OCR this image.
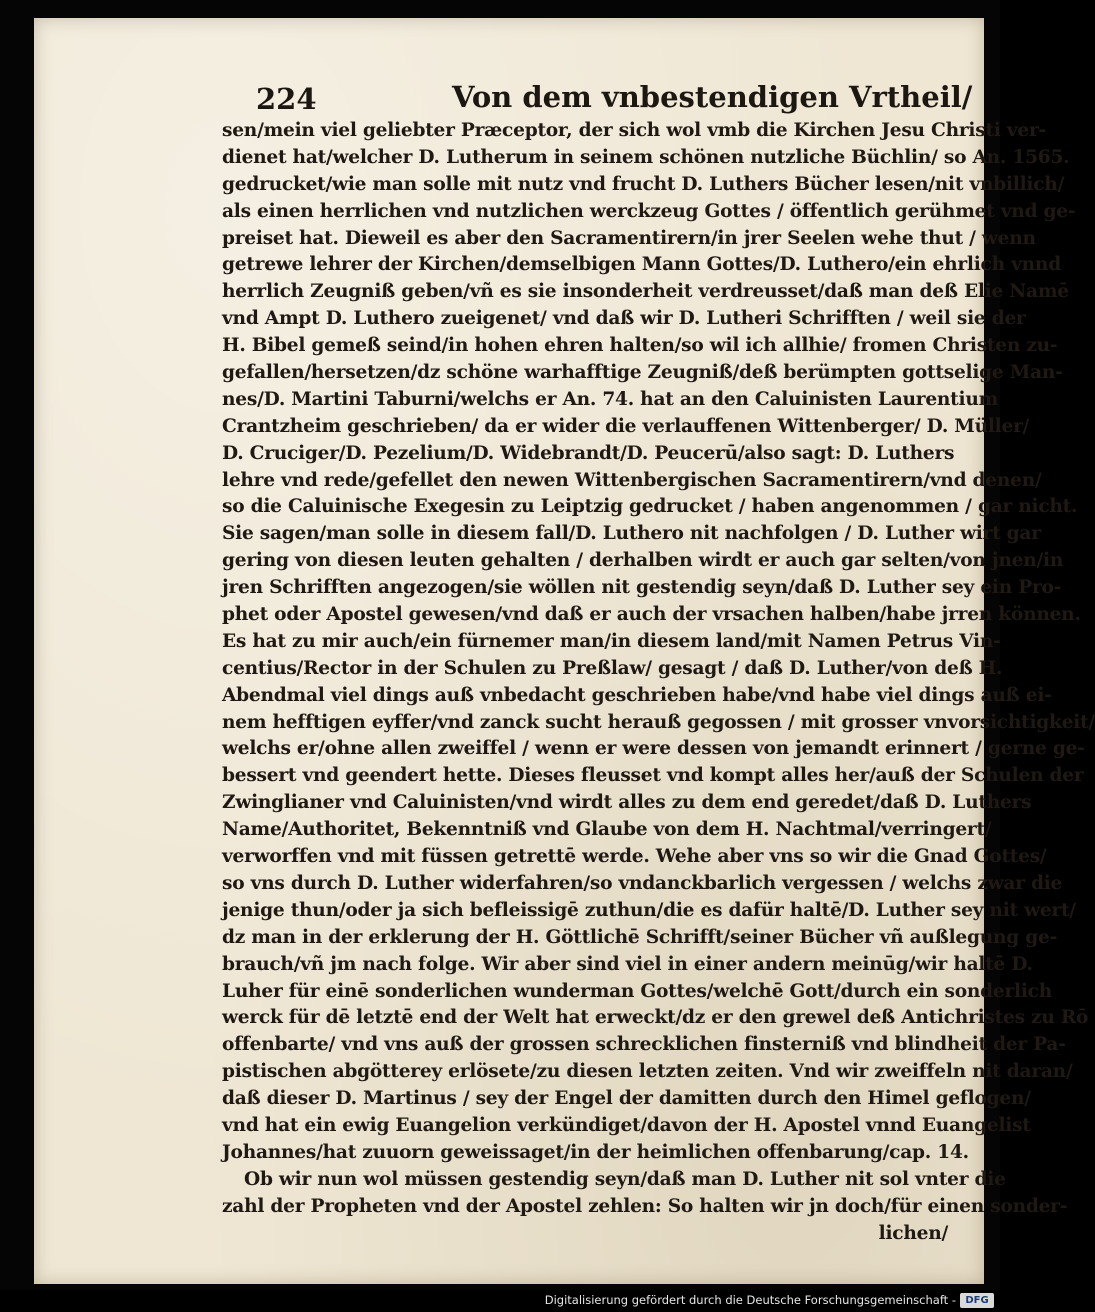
224	Von dem vnbestendigen Vrtheil/
sen/mein viel geliebter Præceptor, der sich wol vmb die Kirchen Jesu Christi ver-
dienet hat/welcher D. Lutherum in seinem schönen nutzliche Büchlin/ so An. 1565.
gedrucket/wie man solle mit nutz vnd frucht D. Luthers Bücher lesen/nit vnbillich/
als einen herrlichen vnd nutzlichen werckzeug Gottes / öffentlich gerühmet vnd ge-
preiset hat. Dieweil es aber den Sacramentirern/in jrer Seelen wehe thut / wenn
getrewe lehrer der Kirchen/demselbigen Mann Gottes/D. Luthero/ein ehrlich vnnd
herrlich Zeugniß geben/vñ es sie insonderheit verdreusset/daß man deß Elie Namē
vnd Ampt D. Luthero zueigenet/ vnd daß wir D. Lutheri Schrifften / weil sie der
H. Bibel gemeß seind/in hohen ehren halten/so wil ich allhie/ fromen Christen zu-
gefallen/hersetzen/dz schöne warhafftige Zeugniß/deß berümpten gottselige Man-
nes/D. Martini Taburni/welchs er An. 74. hat an den Caluinisten Laurentium
Crantzheim geschrieben/ da er wider die verlauffenen Wittenberger/ D. Müller/
D. Cruciger/D. Pezelium/D. Widebrandt/D. Peucerū/also sagt: D. Luthers
lehre vnd rede/gefellet den newen Wittenbergischen Sacramentirern/vnd denen/
so die Caluinische Exegesin zu Leiptzig gedrucket / haben angenommen / gar nicht.
Sie sagen/man solle in diesem fall/D. Luthero nit nachfolgen / D. Luther wirt gar
gering von diesen leuten gehalten / derhalben wirdt er auch gar selten/von jnen/in
jren Schrifften angezogen/sie wöllen nit gestendig seyn/daß D. Luther sey ein Pro-
phet oder Apostel gewesen/vnd daß er auch der vrsachen halben/habe jrren können.
Es hat zu mir auch/ein fürnemer man/in diesem land/mit Namen Petrus Vin-
centius/Rector in der Schulen zu Preßlaw/ gesagt / daß D. Luther/von deß H.
Abendmal viel dings auß vnbedacht geschrieben habe/vnd habe viel dings auß ei-
nem hefftigen eyffer/vnd zanck sucht herauß gegossen / mit grosser vnvorsichtigkeit/
welchs er/ohne allen zweiffel / wenn er were dessen von jemandt erinnert / gerne ge-
bessert vnd geendert hette. Dieses fleusset vnd kompt alles her/auß der Schulen der
Zwinglianer vnd Caluinisten/vnd wirdt alles zu dem end geredet/daß D. Luthers
Name/Authoritet, Bekenntniß vnd Glaube von dem H. Nachtmal/verringert/
verworffen vnd mit füssen getrettē werde. Wehe aber vns so wir die Gnad Gottes/
so vns durch D. Luther widerfahren/so vndanckbarlich vergessen / welchs zwar die
jenige thun/oder ja sich befleissigē zuthun/die es dafür haltē/D. Luther sey nit wert/
dz man in der erklerung der H. Göttlichē Schrifft/seiner Bücher vñ außlegung ge-
brauch/vñ jm nach folge. Wir aber sind viel in einer andern meinūg/wir haltē D.
Luher für einē sonderlichen wunderman Gottes/welchē Gott/durch ein sonderlich
werck für dē letztē end der Welt hat erweckt/dz er den grewel deß Antichristes zu Rō
offenbarte/ vnd vns auß der grossen schrecklichen finsterniß vnd blindheit der Pa-
pistischen abgötterey erlösete/zu diesen letzten zeiten. Vnd wir zweiffeln nit daran/
daß dieser D. Martinus / sey der Engel der damitten durch den Himel geflogen/
vnd hat ein ewig Euangelion verkündiget/davon der H. Apostel vnnd Euangelist
Johannes/hat zuuorn geweissaget/in der heimlichen offenbarung/cap. 14.
Ob wir nun wol müssen gestendig seyn/daß man D. Luther nit sol vnter die
zahl der Propheten vnd der Apostel zehlen: So halten wir jn doch/für einen sonder-
lichen/
Digitalisierung gefördert durch die Deutsche Forschungsgemeinschaft - DFG
